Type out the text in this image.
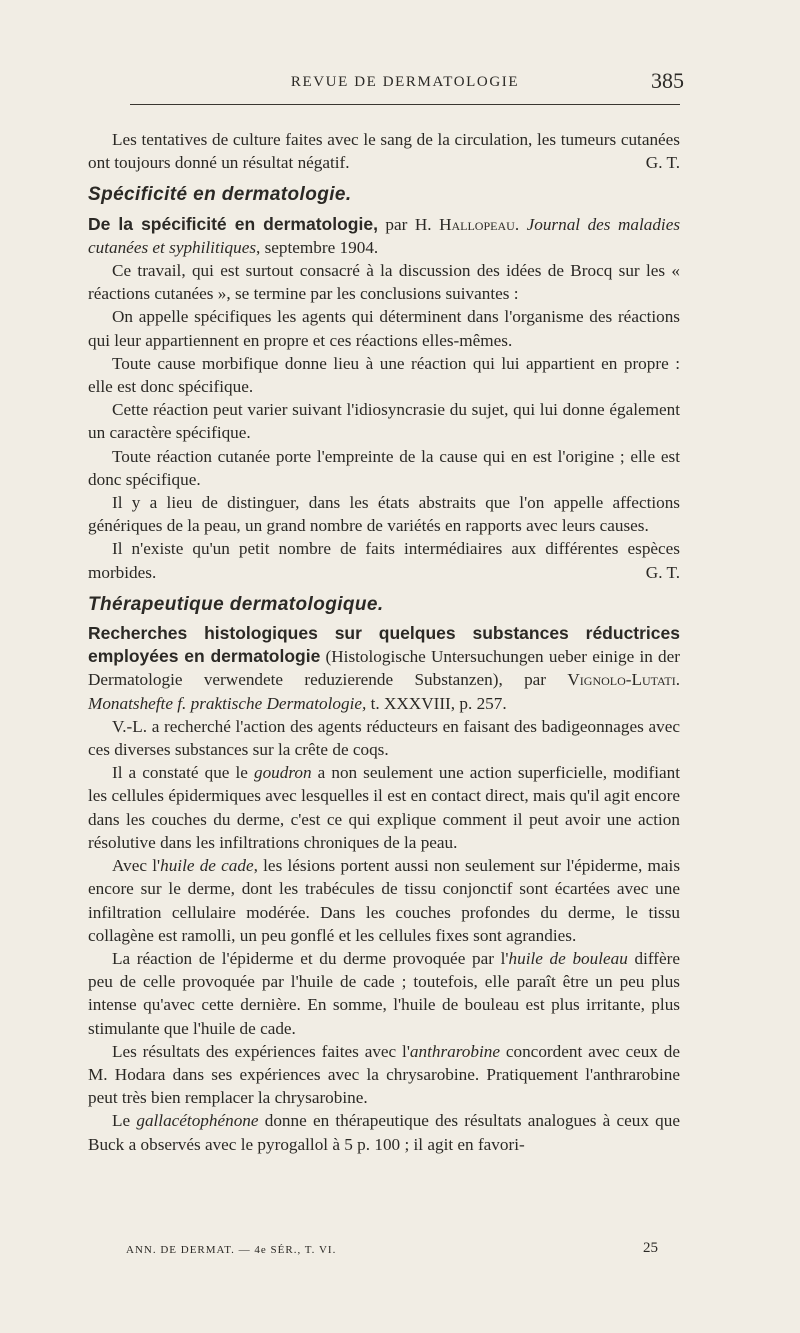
REVUE DE DERMATOLOGIE	385

Les tentatives de culture faites avec le sang de la circulation, les tumeurs cutanées ont toujours donné un résultat négatif.	G. T.

Spécificité en dermatologie.

De la spécificité en dermatologie, par H. Hallopeau. Journal des maladies cutanées et syphilitiques, septembre 1904.

Ce travail, qui est surtout consacré à la discussion des idées de Brocq sur les « réactions cutanées », se termine par les conclusions suivantes :

On appelle spécifiques les agents qui déterminent dans l'organisme des réactions qui leur appartiennent en propre et ces réactions elles-mêmes.

Toute cause morbifique donne lieu à une réaction qui lui appartient en propre : elle est donc spécifique.

Cette réaction peut varier suivant l'idiosyncrasie du sujet, qui lui donne également un caractère spécifique.

Toute réaction cutanée porte l'empreinte de la cause qui en est l'origine ; elle est donc spécifique.

Il y a lieu de distinguer, dans les états abstraits que l'on appelle affections génériques de la peau, un grand nombre de variétés en rapports avec leurs causes.

Il n'existe qu'un petit nombre de faits intermédiaires aux différentes espèces morbides.	G. T.

Thérapeutique dermatologique.

Recherches histologiques sur quelques substances réductrices employées en dermatologie (Histologische Untersuchungen ueber einige in der Dermatologie verwendete reduzierende Substanzen), par Vignolo-Lutati. Monatshefte f. praktische Dermatologie, t. XXXVIII, p. 257.

V.-L. a recherché l'action des agents réducteurs en faisant des badigeonnages avec ces diverses substances sur la crête de coqs.

Il a constaté que le goudron a non seulement une action superficielle, modifiant les cellules épidermiques avec lesquelles il est en contact direct, mais qu'il agit encore dans les couches du derme, c'est ce qui explique comment il peut avoir une action résolutive dans les infiltrations chroniques de la peau.

Avec l'huile de cade, les lésions portent aussi non seulement sur l'épiderme, mais encore sur le derme, dont les trabécules de tissu conjonctif sont écartées avec une infiltration cellulaire modérée. Dans les couches profondes du derme, le tissu collagène est ramolli, un peu gonflé et les cellules fixes sont agrandies.

La réaction de l'épiderme et du derme provoquée par l'huile de bouleau diffère peu de celle provoquée par l'huile de cade ; toutefois, elle paraît être un peu plus intense qu'avec cette dernière. En somme, l'huile de bouleau est plus irritante, plus stimulante que l'huile de cade.

Les résultats des expériences faites avec l'anthrarobine concordent avec ceux de M. Hodara dans ses expériences avec la chrysarobine. Pratiquement l'anthrarobine peut très bien remplacer la chrysarobine.

Le gallacétophénone donne en thérapeutique des résultats analogues à ceux que Buck a observés avec le pyrogallol à 5 p. 100 ; il agit en favori-

ANN. DE DERMAT. — 4e SÉR., T. VI.	25
